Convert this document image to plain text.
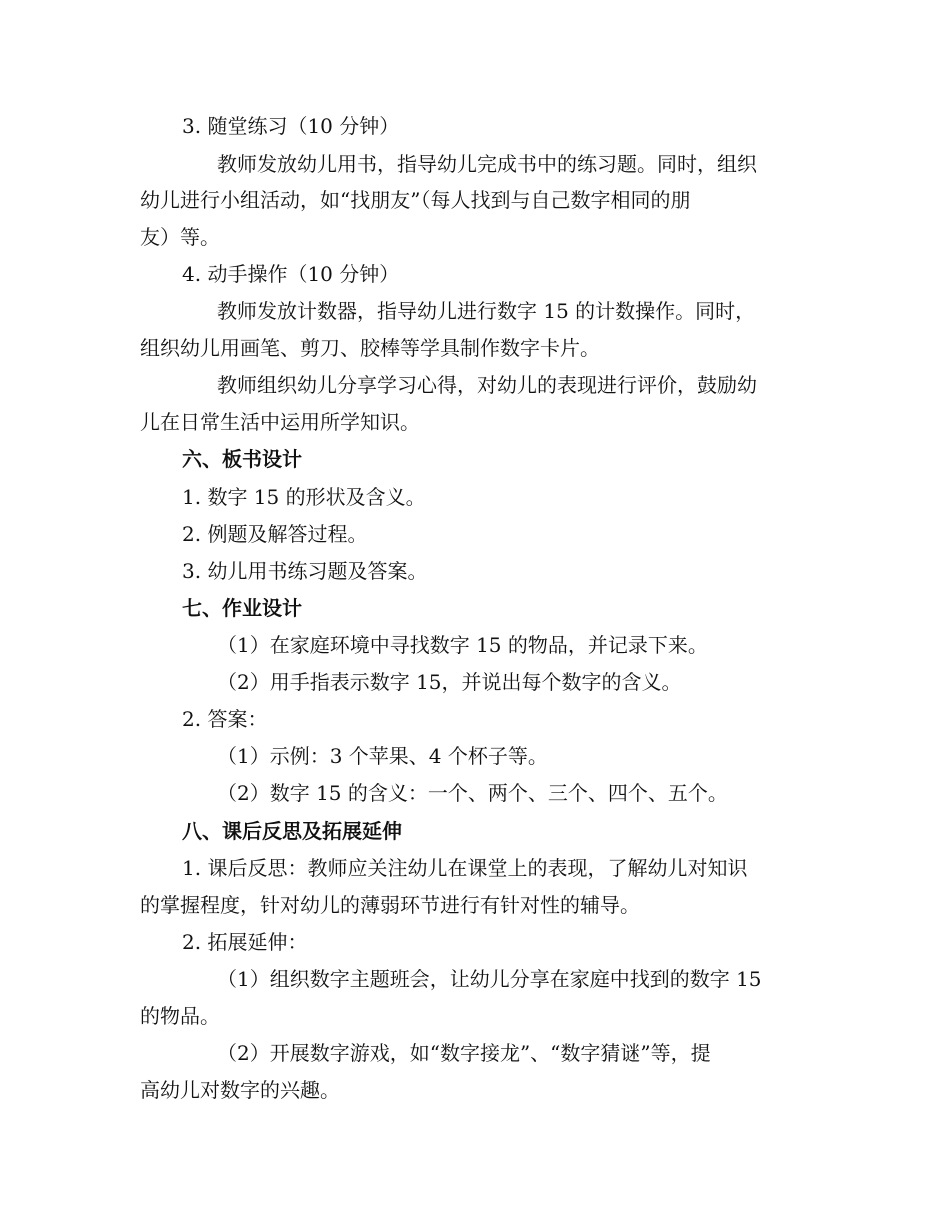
3. 随堂练习（10 分钟）
教师发放幼儿用书，指导幼儿完成书中的练习题。同时，组织
幼儿进行小组活动，如“找朋友”（每人找到与自己数字相同的朋
友）等。
4. 动手操作（10 分钟）
教师发放计数器，指导幼儿进行数字 15 的计数操作。同时，
组织幼儿用画笔、剪刀、胶棒等学具制作数字卡片。
教师组织幼儿分享学习心得，对幼儿的表现进行评价，鼓励幼
儿在日常生活中运用所学知识。
六、板书设计
1. 数字 15 的形状及含义。
2. 例题及解答过程。
3. 幼儿用书练习题及答案。
七、作业设计
（1）在家庭环境中寻找数字 15 的物品，并记录下来。
（2）用手指表示数字 15，并说出每个数字的含义。
2. 答案：
（1）示例：3 个苹果、4 个杯子等。
（2）数字 15 的含义：一个、两个、三个、四个、五个。
八、课后反思及拓展延伸
1. 课后反思：教师应关注幼儿在课堂上的表现，了解幼儿对知识
的掌握程度，针对幼儿的薄弱环节进行有针对性的辅导。
2. 拓展延伸：
（1）组织数字主题班会，让幼儿分享在家庭中找到的数字 15
的物品。
（2）开展数字游戏，如“数字接龙”、“数字猜谜”等，提
高幼儿对数字的兴趣。
